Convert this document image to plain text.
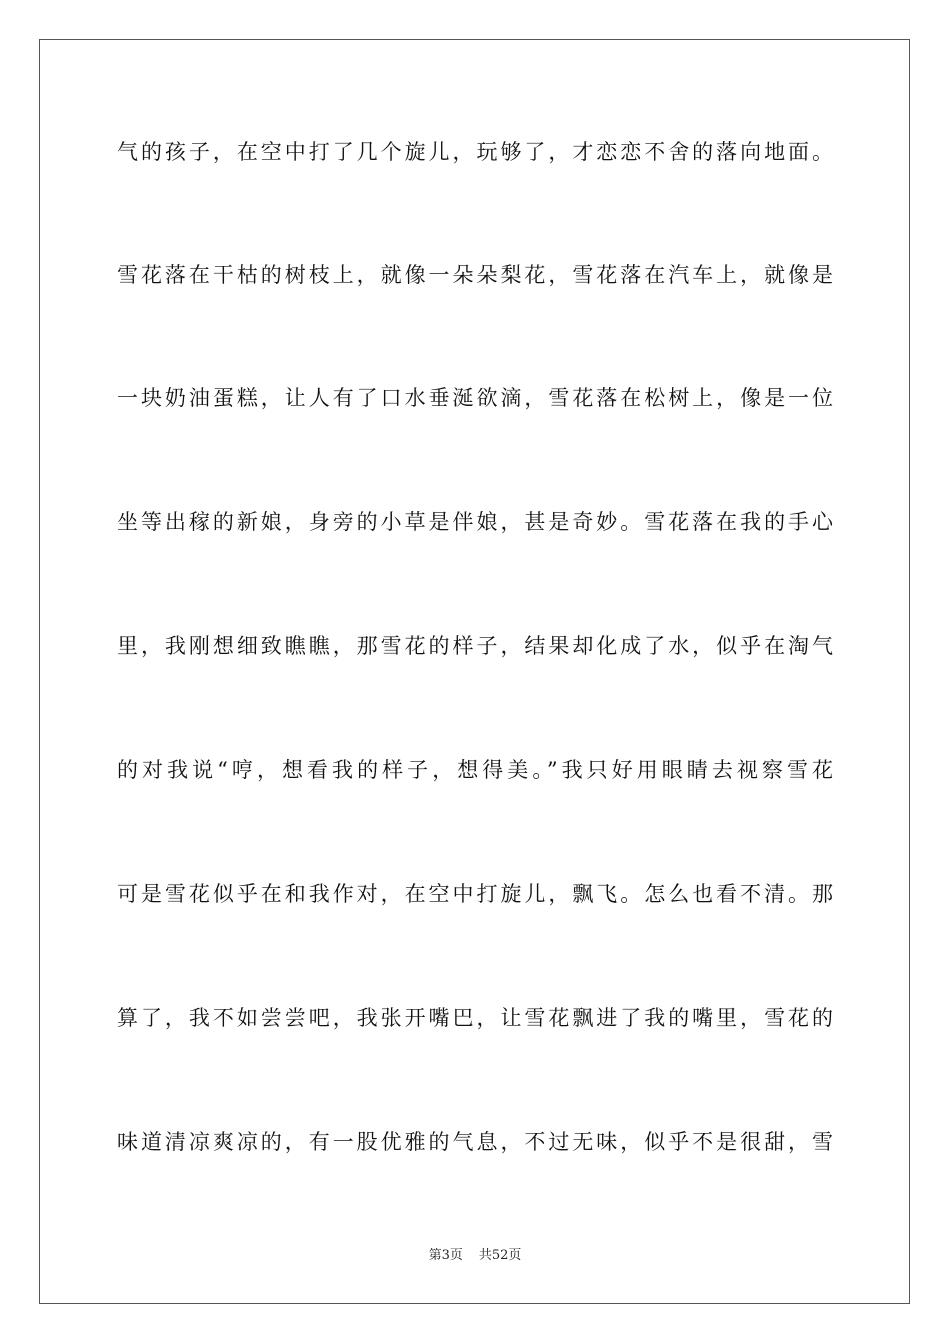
气的孩子，在空中打了几个旋儿，玩够了，才恋恋不舍的落向地面。
雪花落在干枯的树枝上，就像一朵朵梨花，雪花落在汽车上，就像是
一块奶油蛋糕，让人有了口水垂涎欲滴，雪花落在松树上，像是一位
坐等出稼的新娘，身旁的小草是伴娘，甚是奇妙。雪花落在我的手心
里，我刚想细致瞧瞧，那雪花的样子，结果却化成了水，似乎在淘气
的对我说“哼，想看我的样子，想得美。”我只好用眼睛去视察雪花
可是雪花似乎在和我作对，在空中打旋儿，飘飞。怎么也看不清。那
算了，我不如尝尝吧，我张开嘴巴，让雪花飘进了我的嘴里，雪花的
味道清凉爽凉的，有一股优雅的气息，不过无味，似乎不是很甜，雪
第3页 共52页
